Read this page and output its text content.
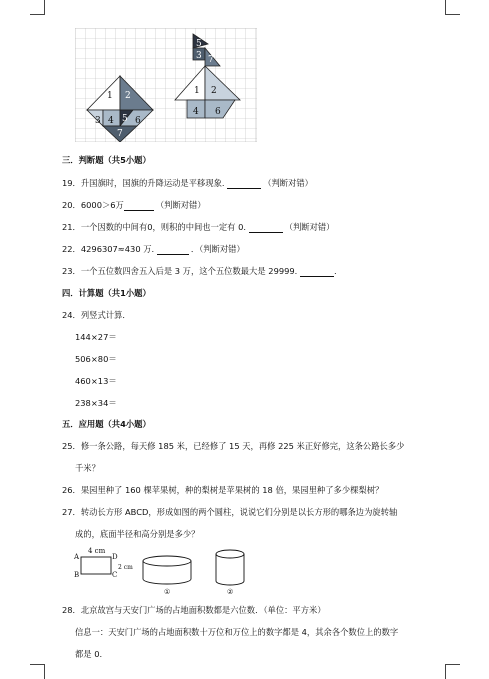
1 2
3 4 5 6
7
5
3 7
1 2
4 6
三．判断题（共5小题）
19．升国旗时，国旗的升降运动是平移现象.	（判断对错）
20．6000＞6万	（判断对错）
21．一个因数的中间有0，则积的中间也一定有 0.	（判断对错）
22．4296307≈430 万.	．（判断对错）
23．一个五位数四舍五入后是 3 万，这个五位数最大是 29999.	.
四．计算题（共1小题）
24．列竖式计算．
144×27＝
506×80＝
460×13＝
238×34＝
五．应用题（共4小题）
25．修一条公路，每天修 185 米，已经修了 15 天，再修 225 米正好修完，这条公路长多少
千米？
26．果园里种了 160 棵苹果树，种的梨树是苹果树的 18 倍，果园里种了多少棵梨树？
27．转动长方形 ABCD，形成如图的两个圆柱，说说它们分别是以长方形的哪条边为旋转轴
成的，底面半径和高分别是多少？
A
B
D
C
4 cm
2 cm
①	②
28．北京故宫与天安门广场的占地面积数都是六位数．（单位：平方米）
信息一：天安门广场的占地面积数十万位和万位上的数字都是 4，其余各个数位上的数字
都是 0.
